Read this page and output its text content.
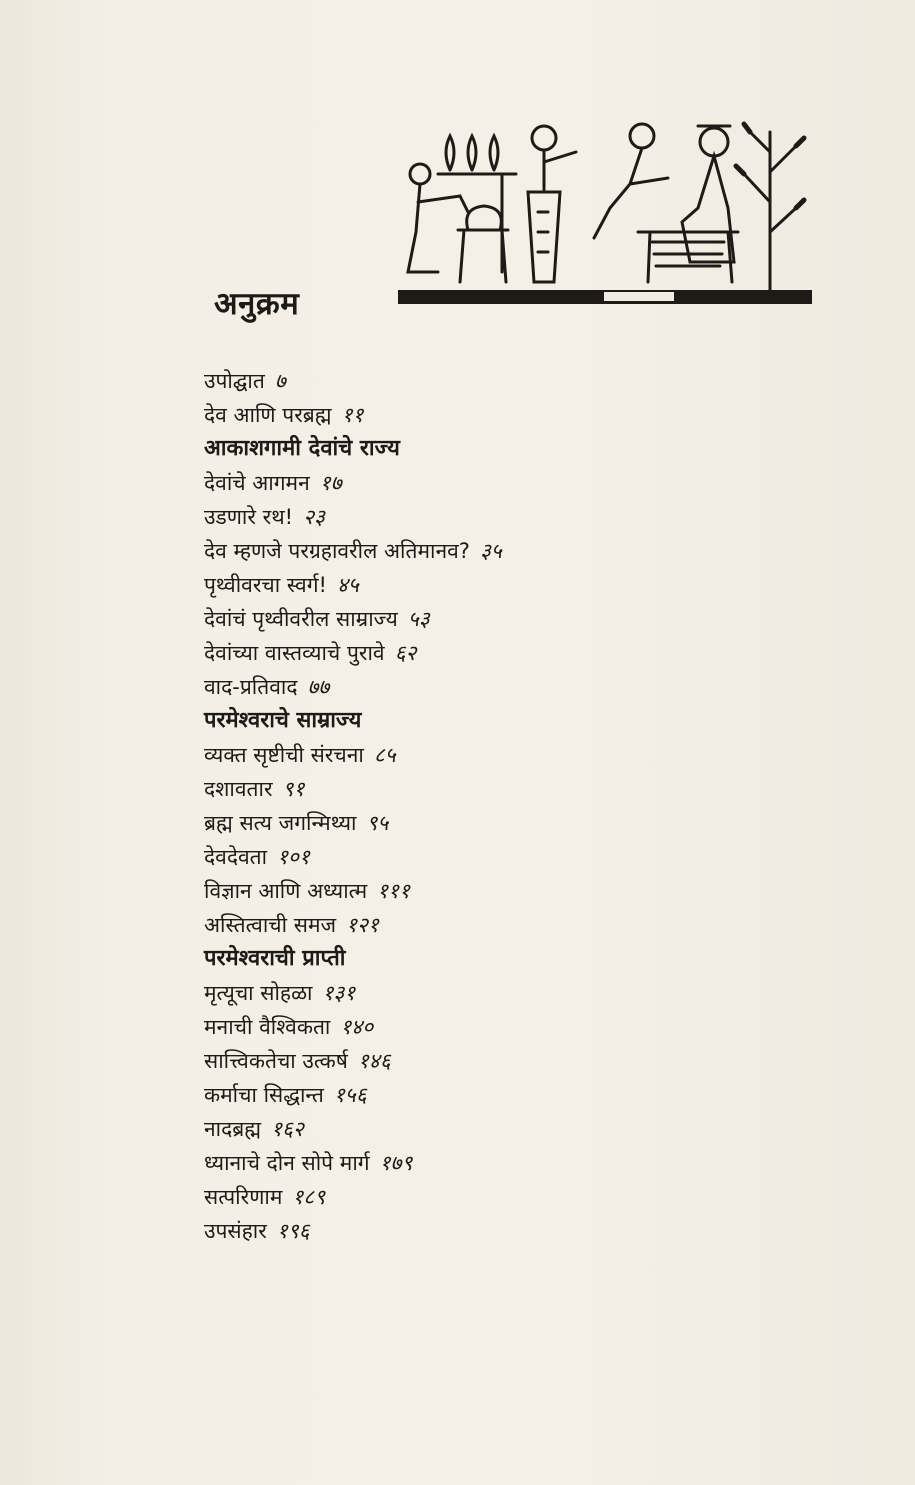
अनुक्रम
उपोद्घात ७
देव आणि परब्रह्म ११
आकाशगामी देवांचे राज्य
देवांचे आगमन १७
उडणारे रथ! २३
देव म्हणजे परग्रहावरील अतिमानव? ३५
पृथ्वीवरचा स्वर्ग! ४५
देवांचं पृथ्वीवरील साम्राज्य ५३
देवांच्या वास्तव्याचे पुरावे ६२
वाद-प्रतिवाद ७७
परमेश्वराचे साम्राज्य
व्यक्त सृष्टीची संरचना ८५
दशावतार ९१
ब्रह्म सत्य जगन्मिथ्या ९५
देवदेवता १०१
विज्ञान आणि अध्यात्म १११
अस्तित्वाची समज १२१
परमेश्वराची प्राप्ती
मृत्यूचा सोहळा १३१
मनाची वैश्विकता १४०
सात्त्विकतेचा उत्कर्ष १४६
कर्माचा सिद्धान्त १५६
नादब्रह्म १६२
ध्यानाचे दोन सोपे मार्ग १७९
सत्परिणाम १८९
उपसंहार १९६
